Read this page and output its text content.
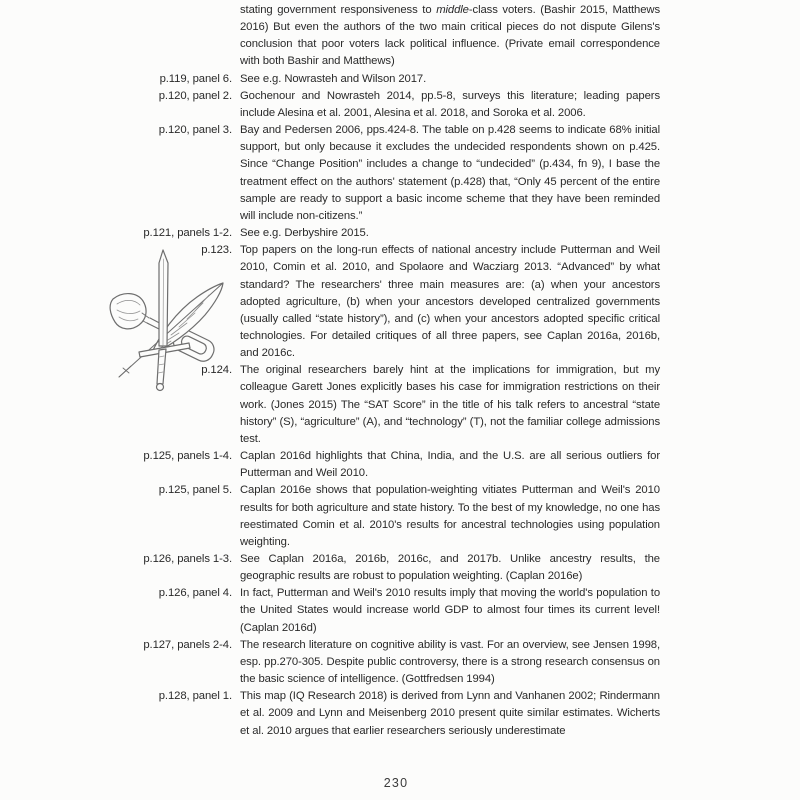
stating government responsiveness to middle-class voters. (Bashir 2015, Matthews 2016) But even the authors of the two main critical pieces do not dispute Gilens's conclusion that poor voters lack political influence. (Private email correspondence with both Bashir and Matthews)
p.119, panel 6. See e.g. Nowrasteh and Wilson 2017.
p.120, panel 2. Gochenour and Nowrasteh 2014, pp.5-8, surveys this literature; leading papers include Alesina et al. 2001, Alesina et al. 2018, and Soroka et al. 2006.
p.120, panel 3. Bay and Pedersen 2006, pps.424-8. The table on p.428 seems to indicate 68% initial support, but only because it excludes the undecided respondents shown on p.425. Since “Change Position” includes a change to “undecided” (p.434, fn 9), I base the treatment effect on the authors' statement (p.428) that, “Only 45 percent of the entire sample are ready to support a basic income scheme that they have been reminded will include non-citizens.”
p.121, panels 1-2. See e.g. Derbyshire 2015.
p.123. Top papers on the long-run effects of national ancestry include Putterman and Weil 2010, Comin et al. 2010, and Spolaore and Wacziarg 2013. “Advanced” by what standard? The researchers' three main measures are: (a) when your ancestors adopted agriculture, (b) when your ancestors developed centralized governments (usually called “state history”), and (c) when your ancestors adopted specific critical technologies. For detailed critiques of all three papers, see Caplan 2016a, 2016b, and 2016c.
p.124. The original researchers barely hint at the implications for immigration, but my colleague Garett Jones explicitly bases his case for immigration restrictions on their work. (Jones 2015) The “SAT Score” in the title of his talk refers to ancestral “state history” (S), “agriculture” (A), and “technology” (T), not the familiar college admissions test.
p.125, panels 1-4. Caplan 2016d highlights that China, India, and the U.S. are all serious outliers for Putterman and Weil 2010.
p.125, panel 5. Caplan 2016e shows that population-weighting vitiates Putterman and Weil's 2010 results for both agriculture and state history. To the best of my knowledge, no one has reestimated Comin et al. 2010's results for ancestral technologies using population weighting.
p.126, panels 1-3. See Caplan 2016a, 2016b, 2016c, and 2017b. Unlike ancestry results, the geographic results are robust to population weighting. (Caplan 2016e)
p.126, panel 4. In fact, Putterman and Weil's 2010 results imply that moving the world's population to the United States would increase world GDP to almost four times its current level! (Caplan 2016d)
p.127, panels 2-4. The research literature on cognitive ability is vast. For an overview, see Jensen 1998, esp. pp.270-305. Despite public controversy, there is a strong research consensus on the basic science of intelligence. (Gottfredsen 1994)
p.128, panel 1. This map (IQ Research 2018) is derived from Lynn and Vanhanen 2002; Rindermann et al. 2009 and Lynn and Meisenberg 2010 present quite similar estimates. Wicherts et al. 2010 argues that earlier researchers seriously underestimate
230
